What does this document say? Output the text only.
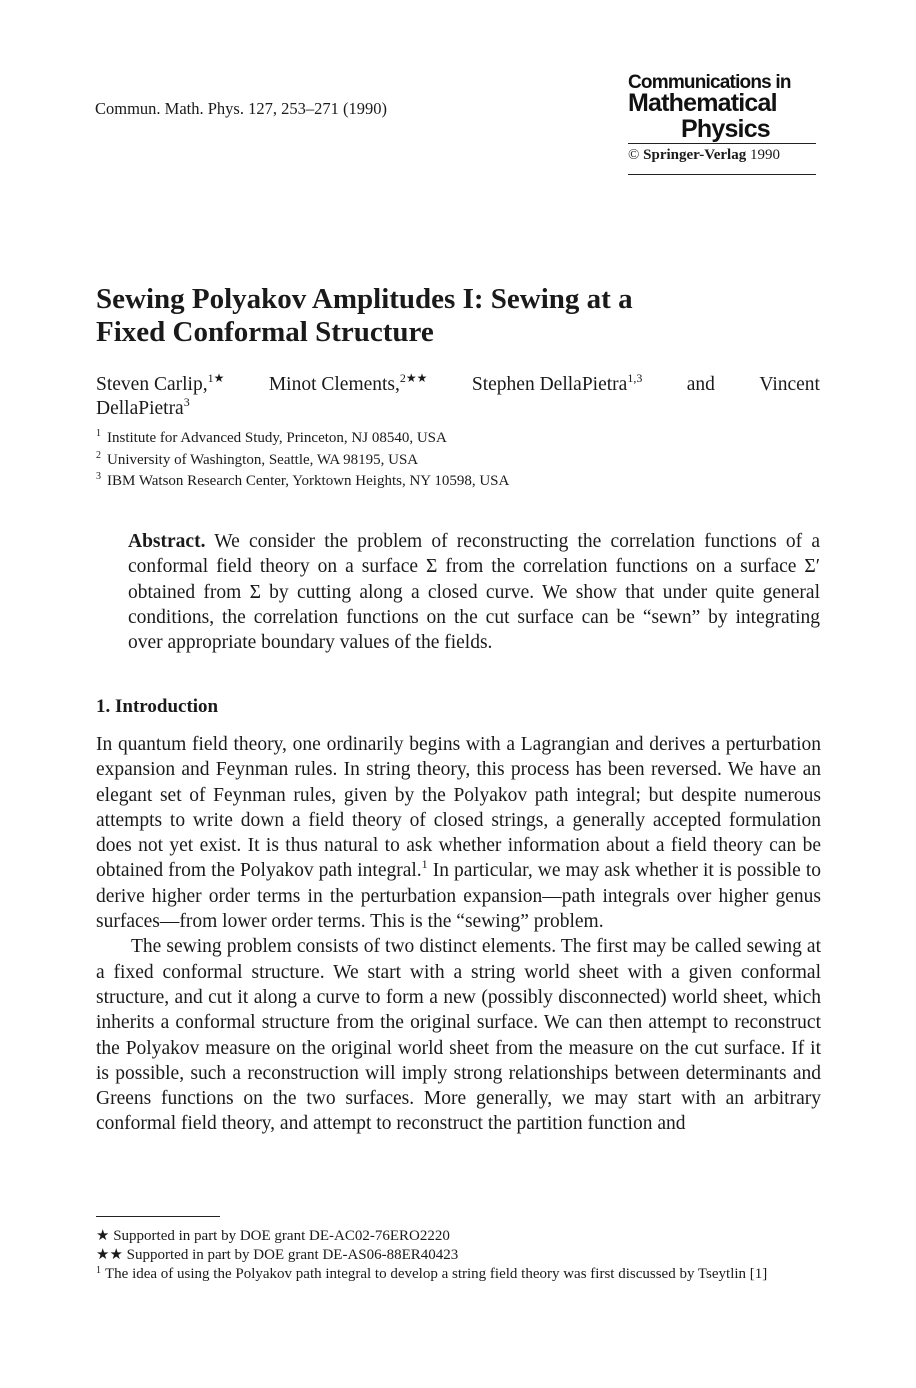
Commun. Math. Phys. 127, 253–271 (1990)
Communications in
Mathematical
Physics
© Springer-Verlag 1990
Sewing Polyakov Amplitudes I: Sewing at a
Fixed Conformal Structure
Steven Carlip,$^{1★}$ Minot Clements,$^{2★★}$ Stephen DellaPietra$^{1,3}$ and Vincent
DellaPietra$^3$
$^1$ Institute for Advanced Study, Princeton, NJ 08540, USA
$^2$ University of Washington, Seattle, WA 98195, USA
$^3$ IBM Watson Research Center, Yorktown Heights, NY 10598, USA
Abstract. We consider the problem of reconstructing the correlation functions of a conformal field theory on a surface Σ from the correlation functions on a surface Σ′ obtained from Σ by cutting along a closed curve. We show that under quite general conditions, the correlation functions on the cut surface can be “sewn” by integrating over appropriate boundary values of the fields.
1. Introduction

In quantum field theory, one ordinarily begins with a Lagrangian and derives a perturbation expansion and Feynman rules. In string theory, this process has been reversed. We have an elegant set of Feynman rules, given by the Polyakov path integral; but despite numerous attempts to write down a field theory of closed strings, a generally accepted formulation does not yet exist. It is thus natural to ask whether information about a field theory can be obtained from the Polyakov path integral.$^1$ In particular, we may ask whether it is possible to derive higher order terms in the perturbation expansion—path integrals over higher genus surfaces—from lower order terms. This is the “sewing” problem.

The sewing problem consists of two distinct elements. The first may be called sewing at a fixed conformal structure. We start with a string world sheet with a given conformal structure, and cut it along a curve to form a new (possibly disconnected) world sheet, which inherits a conformal structure from the original surface. We can then attempt to reconstruct the Polyakov measure on the original world sheet from the measure on the cut surface. If it is possible, such a reconstruction will imply strong relationships between determinants and Greens functions on the two surfaces. More generally, we may start with an arbitrary conformal field theory, and attempt to reconstruct the partition function and

★ Supported in part by DOE grant DE-AC02-76ERO2220
★★ Supported in part by DOE grant DE-AS06-88ER40423
$^1$ The idea of using the Polyakov path integral to develop a string field theory was first discussed by Tseytlin [1]
